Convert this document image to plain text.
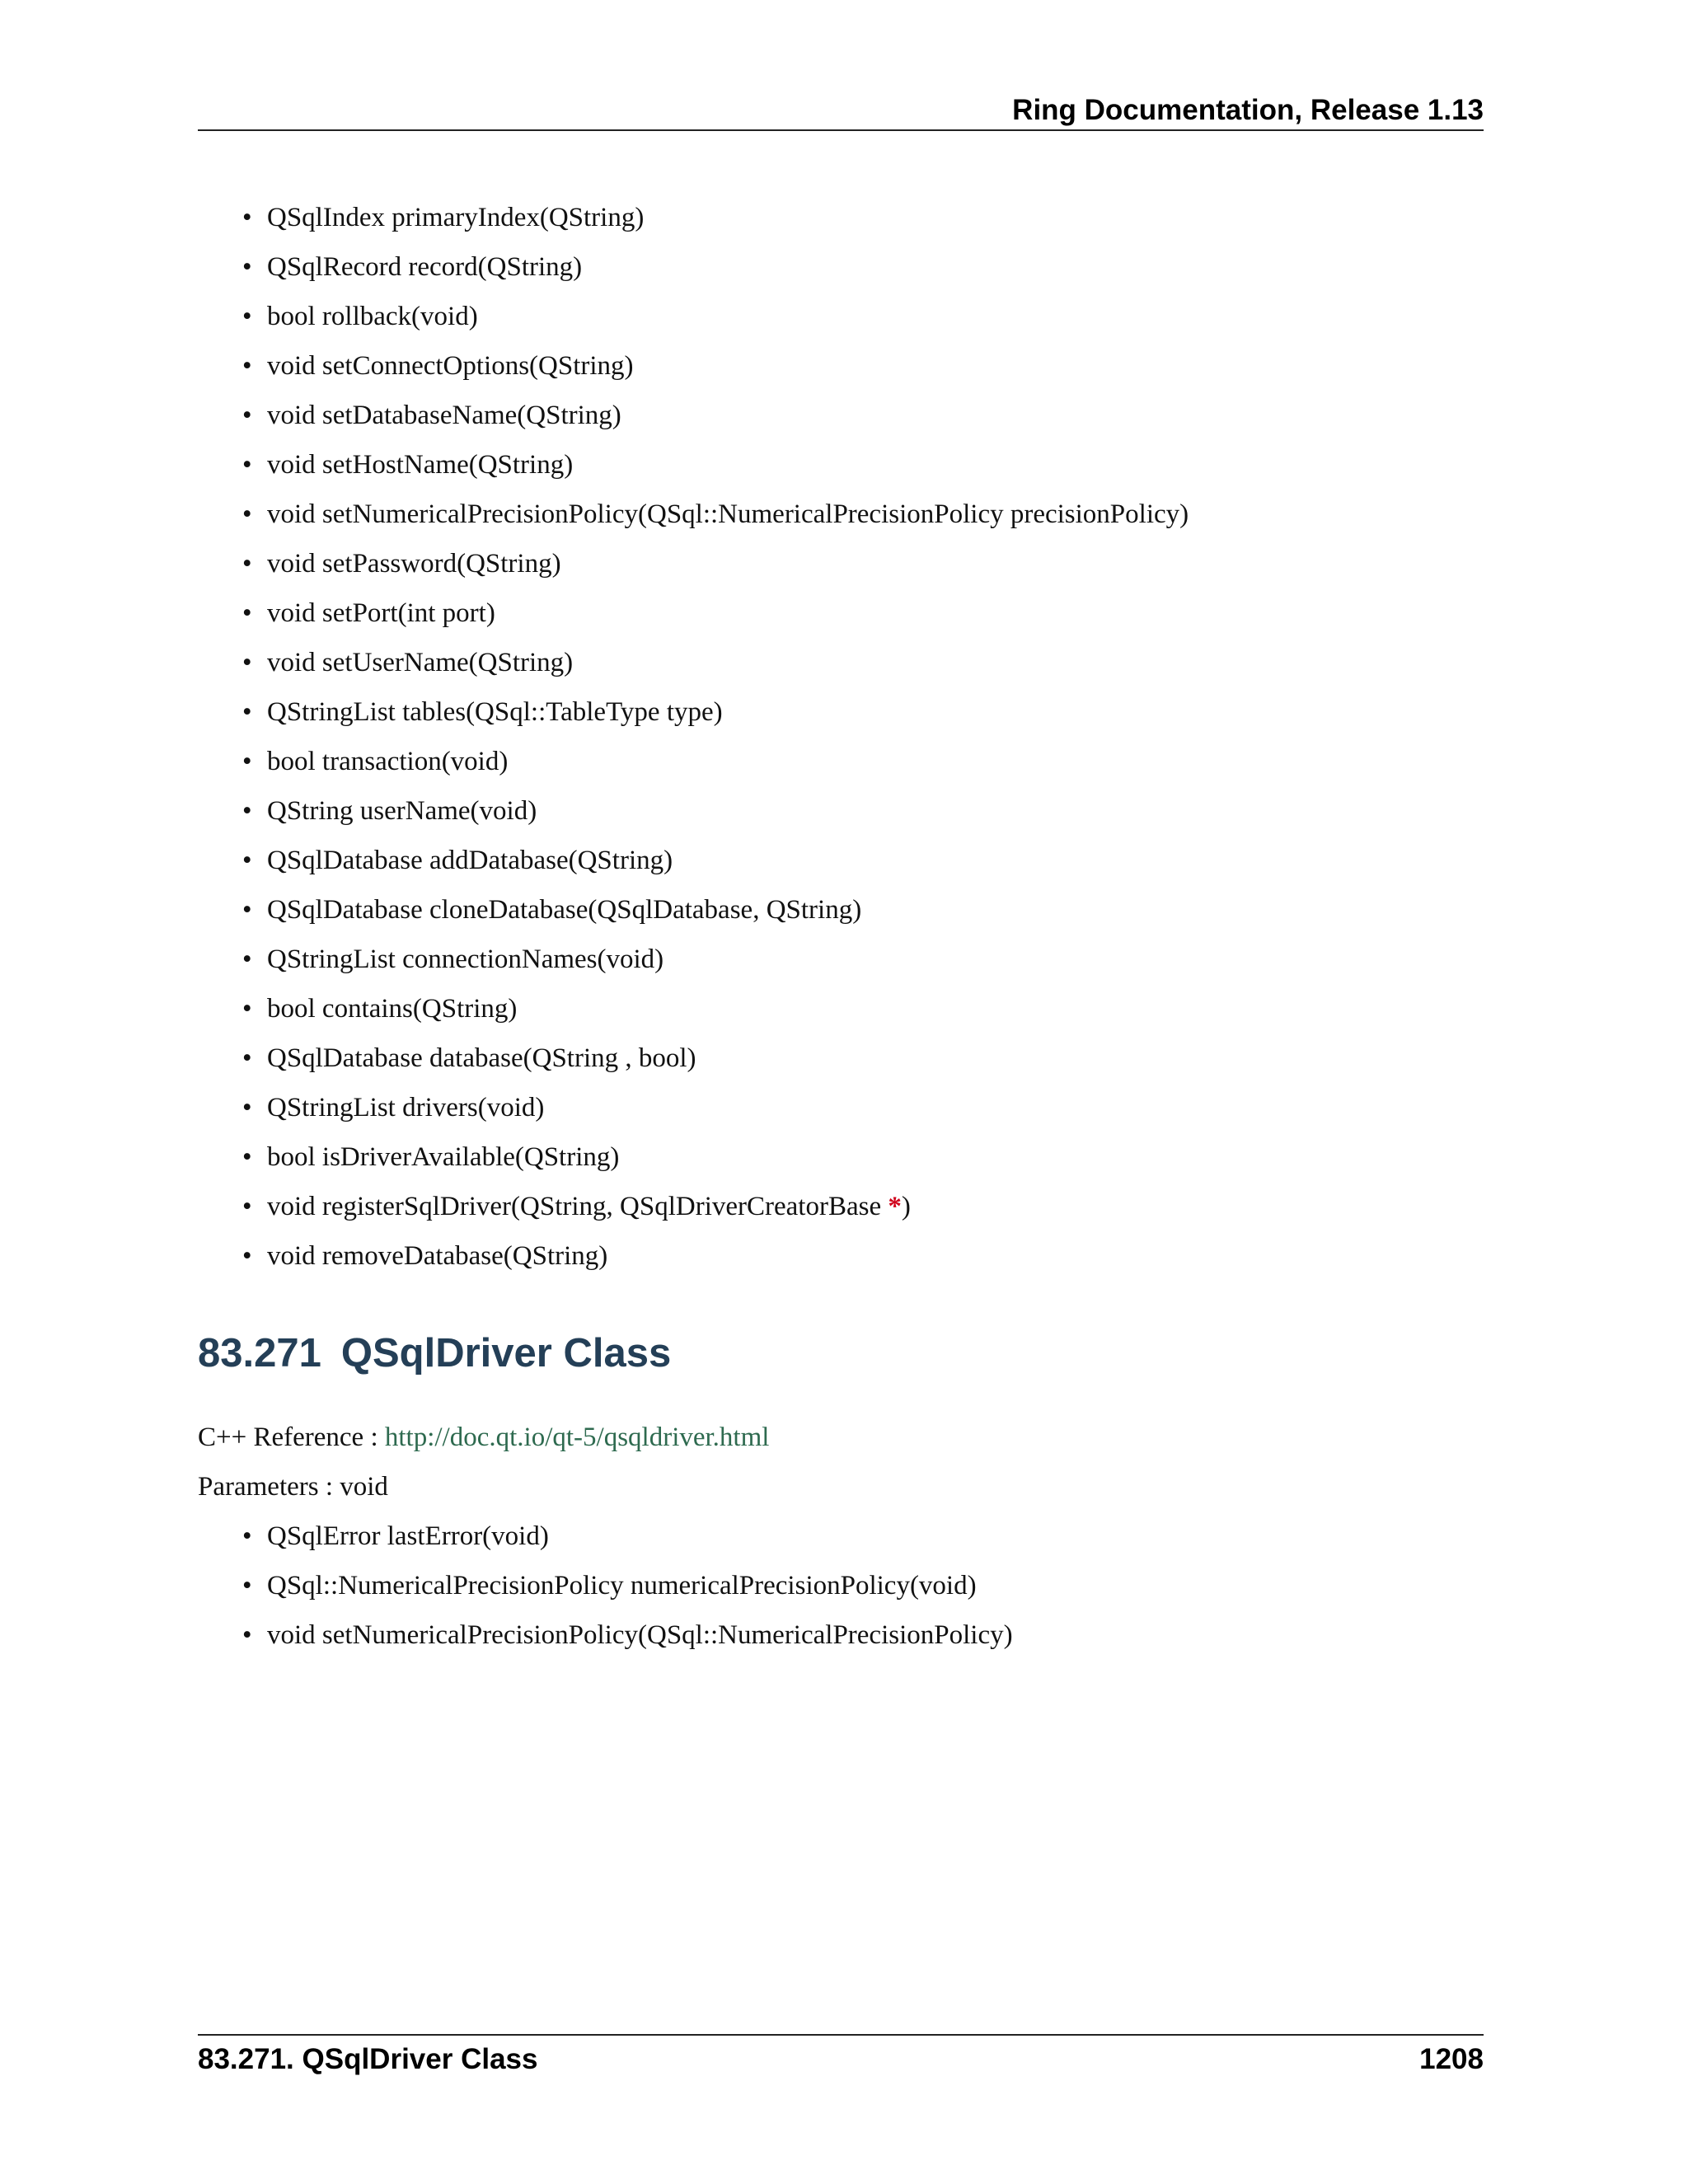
Ring Documentation, Release 1.13
• QSqlIndex primaryIndex(QString)
• QSqlRecord record(QString)
• bool rollback(void)
• void setConnectOptions(QString)
• void setDatabaseName(QString)
• void setHostName(QString)
• void setNumericalPrecisionPolicy(QSql::NumericalPrecisionPolicy precisionPolicy)
• void setPassword(QString)
• void setPort(int port)
• void setUserName(QString)
• QStringList tables(QSql::TableType type)
• bool transaction(void)
• QString userName(void)
• QSqlDatabase addDatabase(QString)
• QSqlDatabase cloneDatabase(QSqlDatabase, QString)
• QStringList connectionNames(void)
• bool contains(QString)
• QSqlDatabase database(QString , bool)
• QStringList drivers(void)
• bool isDriverAvailable(QString)
• void registerSqlDriver(QString, QSqlDriverCreatorBase *)
• void removeDatabase(QString)
83.271 QSqlDriver Class
C++ Reference : http://doc.qt.io/qt-5/qsqldriver.html
Parameters : void
• QSqlError lastError(void)
• QSql::NumericalPrecisionPolicy numericalPrecisionPolicy(void)
• void setNumericalPrecisionPolicy(QSql::NumericalPrecisionPolicy)
83.271. QSqlDriver Class	1208
